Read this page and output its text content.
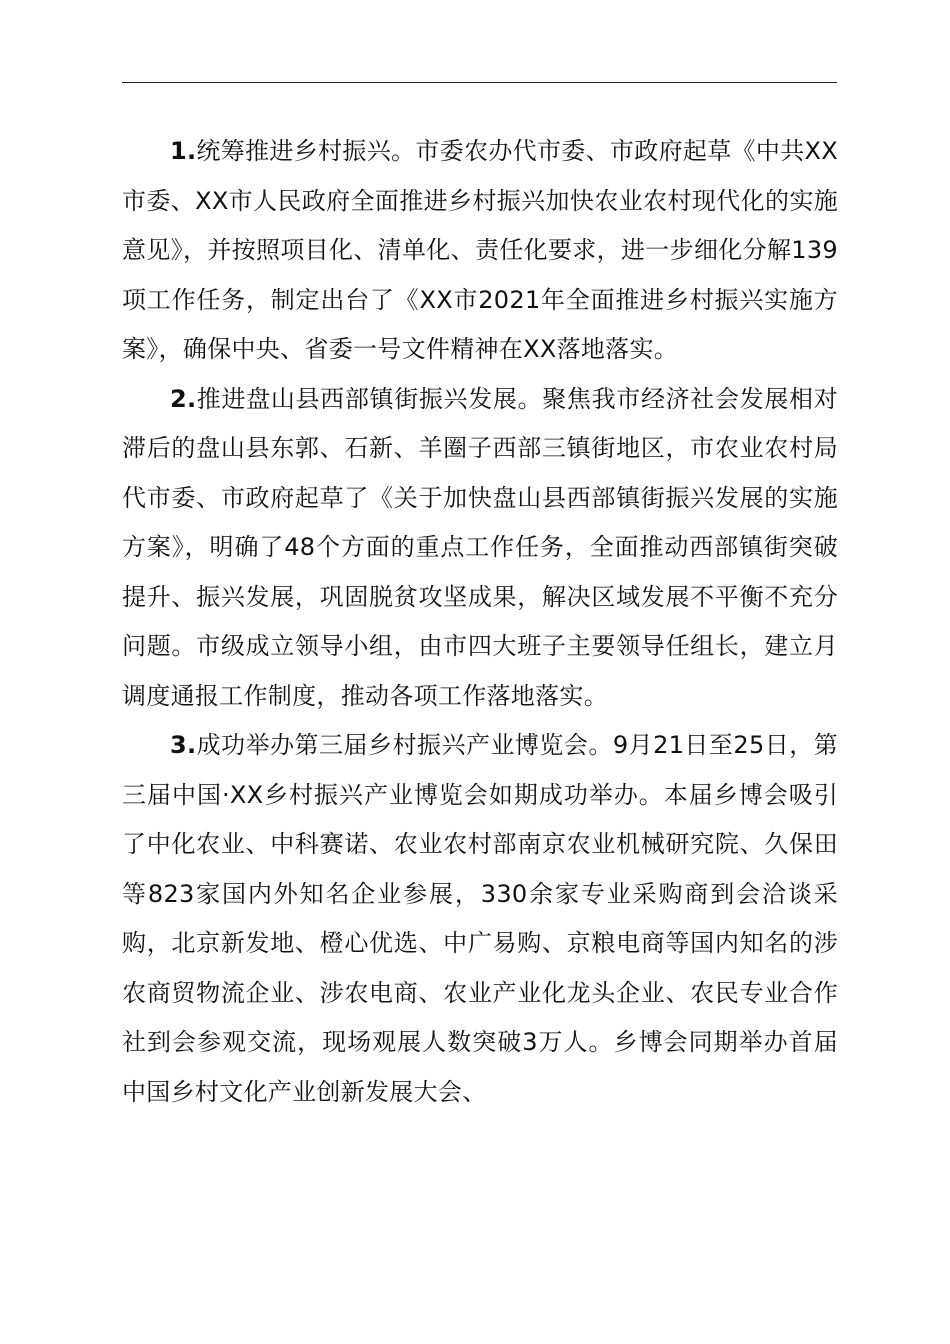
1.统筹推进乡村振兴。市委农办代市委、市政府起草《中共XX市委、XX市人民政府全面推进乡村振兴加快农业农村现代化的实施意见》，并按照项目化、清单化、责任化要求，进一步细化分解139项工作任务，制定出台了《XX市2021年全面推进乡村振兴实施方案》，确保中央、省委一号文件精神在XX落地落实。

2.推进盘山县西部镇街振兴发展。聚焦我市经济社会发展相对滞后的盘山县东郭、石新、羊圈子西部三镇街地区，市农业农村局代市委、市政府起草了《关于加快盘山县西部镇街振兴发展的实施方案》，明确了48个方面的重点工作任务，全面推动西部镇街突破提升、振兴发展，巩固脱贫攻坚成果，解决区域发展不平衡不充分问题。市级成立领导小组，由市四大班子主要领导任组长，建立月调度通报工作制度，推动各项工作落地落实。

3.成功举办第三届乡村振兴产业博览会。9月21日至25日，第三届中国·XX乡村振兴产业博览会如期成功举办。本届乡博会吸引了中化农业、中科赛诺、农业农村部南京农业机械研究院、久保田等823家国内外知名企业参展，330余家专业采购商到会洽谈采购，北京新发地、橙心优选、中广易购、京粮电商等国内知名的涉农商贸物流企业、涉农电商、农业产业化龙头企业、农民专业合作社到会参观交流，现场观展人数突破3万人。乡博会同期举办首届中国乡村文化产业创新发展大会、
